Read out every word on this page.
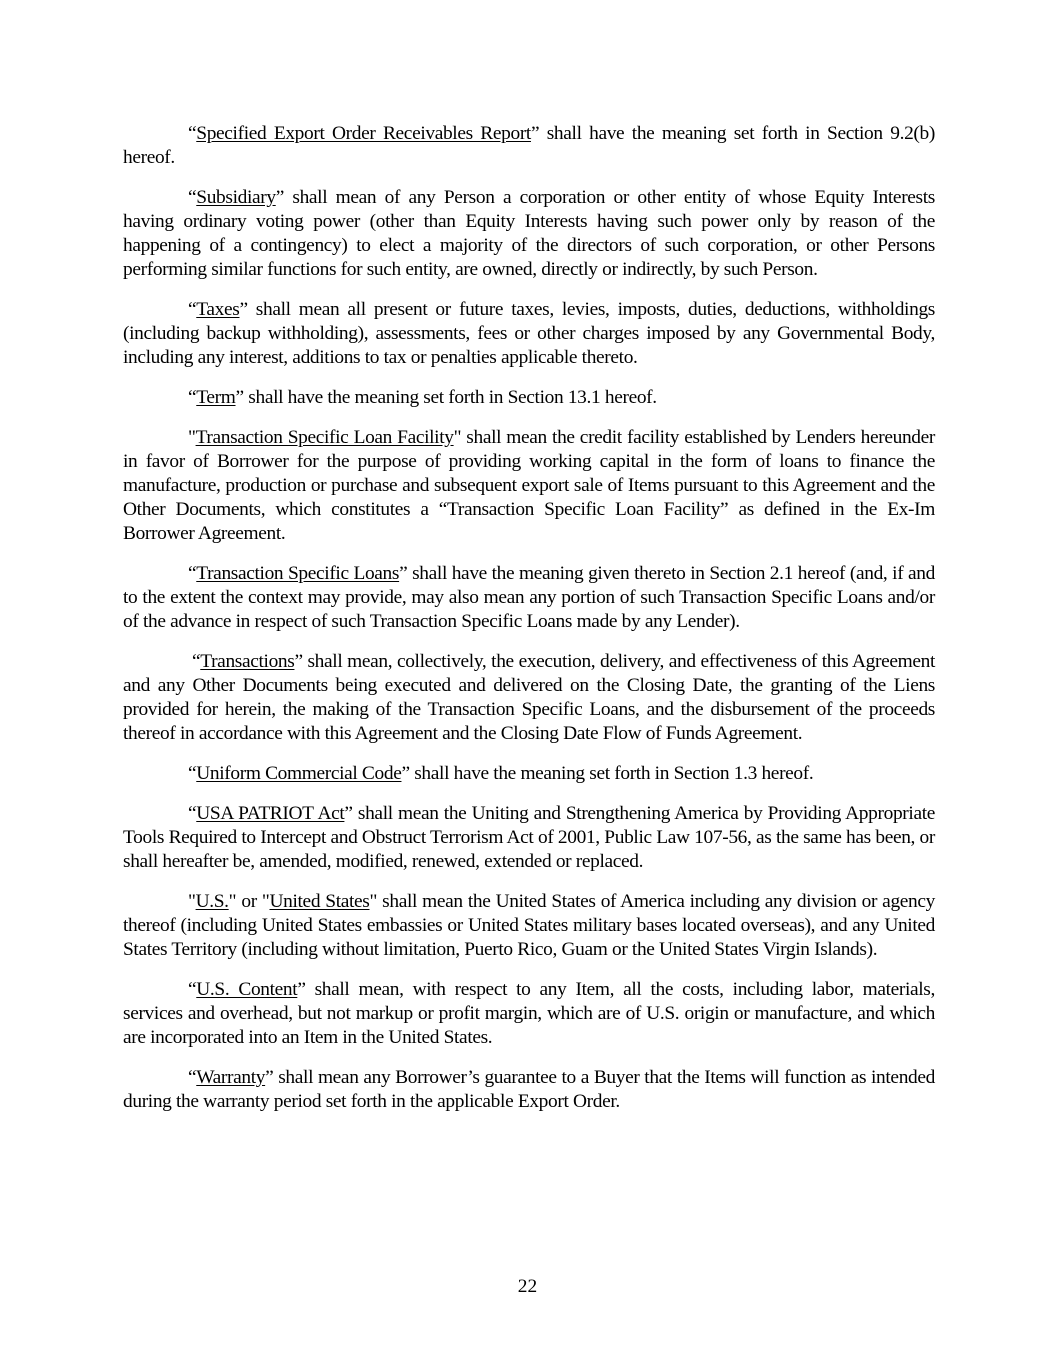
“Specified Export Order Receivables Report” shall have the meaning set forth in Section 9.2(b) hereof.

“Subsidiary” shall mean of any Person a corporation or other entity of whose Equity Interests having ordinary voting power (other than Equity Interests having such power only by reason of the happening of a contingency) to elect a majority of the directors of such corporation, or other Persons performing similar functions for such entity, are owned, directly or indirectly, by such Person.

“Taxes” shall mean all present or future taxes, levies, imposts, duties, deductions, withholdings (including backup withholding), assessments, fees or other charges imposed by any Governmental Body, including any interest, additions to tax or penalties applicable thereto.

“Term” shall have the meaning set forth in Section 13.1 hereof.

"Transaction Specific Loan Facility" shall mean the credit facility established by Lenders hereunder in favor of Borrower for the purpose of providing working capital in the form of loans to finance the manufacture, production or purchase and subsequent export sale of Items pursuant to this Agreement and the Other Documents, which constitutes a “Transaction Specific Loan Facility” as defined in the Ex-Im Borrower Agreement.

“Transaction Specific Loans” shall have the meaning given thereto in Section 2.1 hereof (and, if and to the extent the context may provide, may also mean any portion of such Transaction Specific Loans and/or of the advance in respect of such Transaction Specific Loans made by any Lender).

“Transactions” shall mean, collectively, the execution, delivery, and effectiveness of this Agreement and any Other Documents being executed and delivered on the Closing Date, the granting of the Liens provided for herein, the making of the Transaction Specific Loans, and the disbursement of the proceeds thereof in accordance with this Agreement and the Closing Date Flow of Funds Agreement.

“Uniform Commercial Code” shall have the meaning set forth in Section 1.3 hereof.

“USA PATRIOT Act” shall mean the Uniting and Strengthening America by Providing Appropriate Tools Required to Intercept and Obstruct Terrorism Act of 2001, Public Law 107-56, as the same has been, or shall hereafter be, amended, modified, renewed, extended or replaced.

"U.S." or "United States" shall mean the United States of America including any division or agency thereof (including United States embassies or United States military bases located overseas), and any United States Territory (including without limitation, Puerto Rico, Guam or the United States Virgin Islands).

“U.S. Content” shall mean, with respect to any Item, all the costs, including labor, materials, services and overhead, but not markup or profit margin, which are of U.S. origin or manufacture, and which are incorporated into an Item in the United States.

“Warranty” shall mean any Borrower’s guarantee to a Buyer that the Items will function as intended during the warranty period set forth in the applicable Export Order.

22
